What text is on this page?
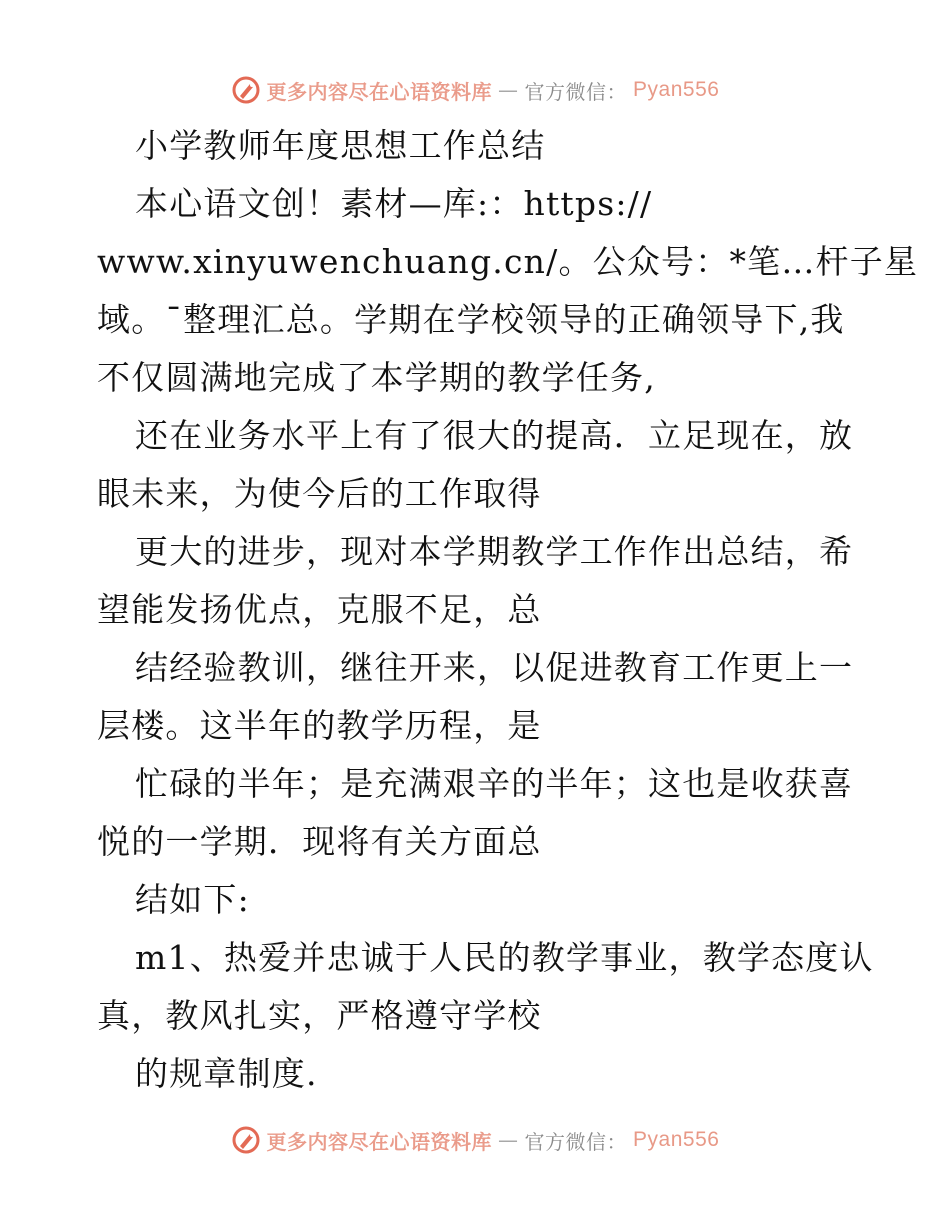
更多内容尽在心语资料库 — 官方微信： Pyan556
小学教师年度思想工作总结
本心语文创！素材—库:：https://
www.xinyuwenchuang.cn/。公众号：*笔…杆子星
域。¯整理汇总。学期在学校领导的正确领导下,我
不仅圆满地完成了本学期的教学任务,
还在业务水平上有了很大的提高．立足现在，放
眼未来，为使今后的工作取得
更大的进步，现对本学期教学工作作出总结，希
望能发扬优点，克服不足，总
结经验教训，继往开来，以促进教育工作更上一
层楼。这半年的教学历程，是
忙碌的半年；是充满艰辛的半年；这也是收获喜
悦的一学期．现将有关方面总
结如下:
m1、热爱并忠诚于人民的教学事业，教学态度认
真，教风扎实，严格遵守学校
的规章制度.
更多内容尽在心语资料库 — 官方微信： Pyan556
